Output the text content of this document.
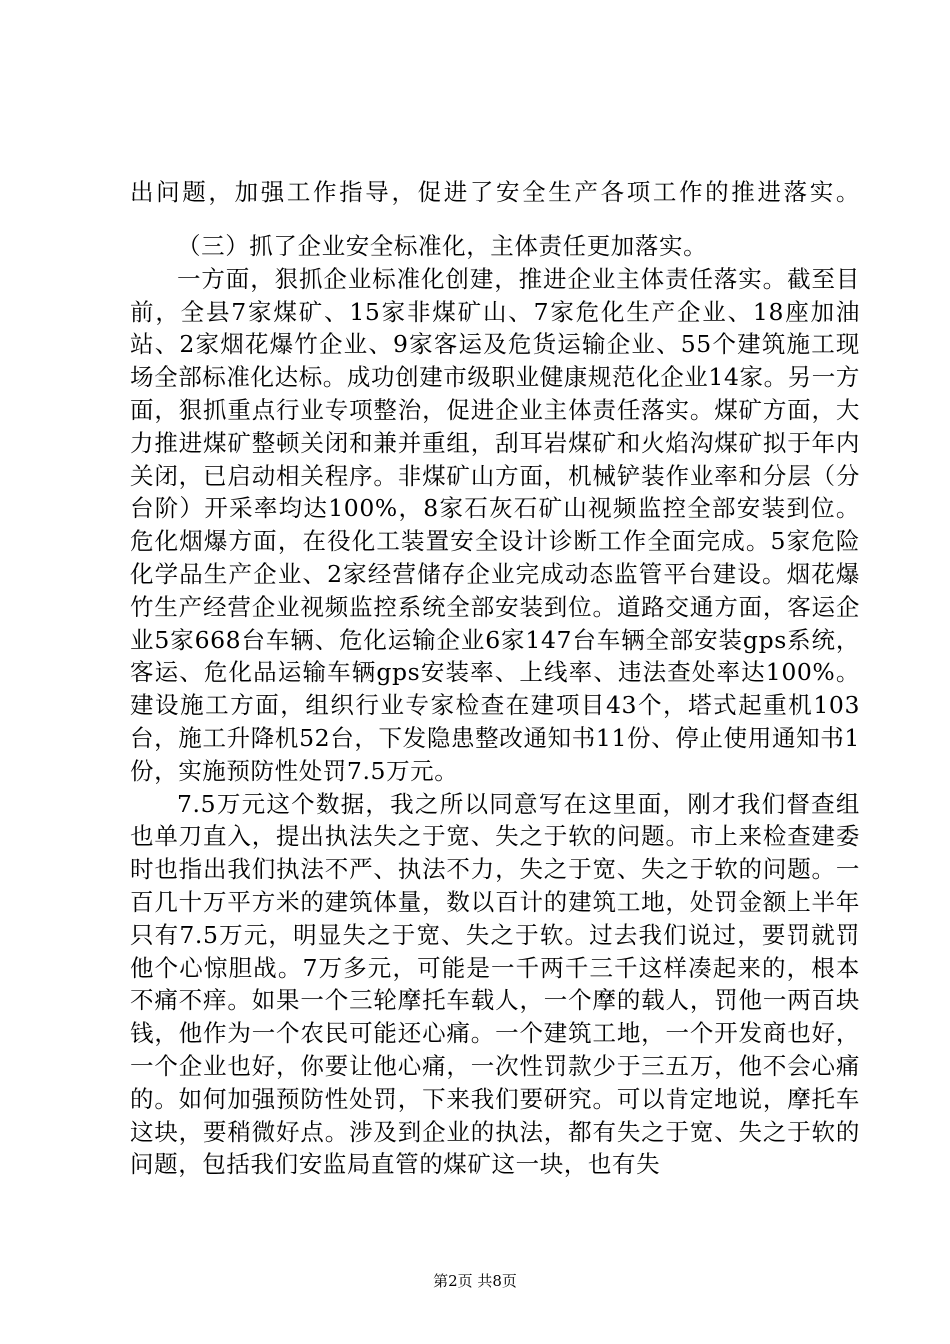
出问题，加强工作指导，促进了安全生产各项工作的推进落实。

（三）抓了企业安全标准化，主体责任更加落实。

一方面，狠抓企业标准化创建，推进企业主体责任落实。截至目前，全县7家煤矿、15家非煤矿山、7家危化生产企业、18座加油站、2家烟花爆竹企业、9家客运及危货运输企业、55个建筑施工现场全部标准化达标。成功创建市级职业健康规范化企业14家。另一方面，狠抓重点行业专项整治，促进企业主体责任落实。煤矿方面，大力推进煤矿整顿关闭和兼并重组，刮耳岩煤矿和火焰沟煤矿拟于年内关闭，已启动相关程序。非煤矿山方面，机械铲装作业率和分层（分台阶）开采率均达100%，8家石灰石矿山视频监控全部安装到位。危化烟爆方面，在役化工装置安全设计诊断工作全面完成。5家危险化学品生产企业、2家经营储存企业完成动态监管平台建设。烟花爆竹生产经营企业视频监控系统全部安装到位。道路交通方面，客运企业5家668台车辆、危化运输企业6家147台车辆全部安装gps系统，客运、危化品运输车辆gps安装率、上线率、违法查处率达100%。建设施工方面，组织行业专家检查在建项目43个，塔式起重机103台，施工升降机52台，下发隐患整改通知书11份、停止使用通知书1份，实施预防性处罚7.5万元。

7.5万元这个数据，我之所以同意写在这里面，刚才我们督查组也单刀直入，提出执法失之于宽、失之于软的问题。市上来检查建委时也指出我们执法不严、执法不力，失之于宽、失之于软的问题。一百几十万平方米的建筑体量，数以百计的建筑工地，处罚金额上半年只有7.5万元，明显失之于宽、失之于软。过去我们说过，要罚就罚他个心惊胆战。7万多元，可能是一千两千三千这样凑起来的，根本不痛不痒。如果一个三轮摩托车载人，一个摩的载人，罚他一两百块钱，他作为一个农民可能还心痛。一个建筑工地，一个开发商也好，一个企业也好，你要让他心痛，一次性罚款少于三五万，他不会心痛的。如何加强预防性处罚，下来我们要研究。可以肯定地说，摩托车这块，要稍微好点。涉及到企业的执法，都有失之于宽、失之于软的问题，包括我们安监局直管的煤矿这一块，也有失

第2页 共8页
